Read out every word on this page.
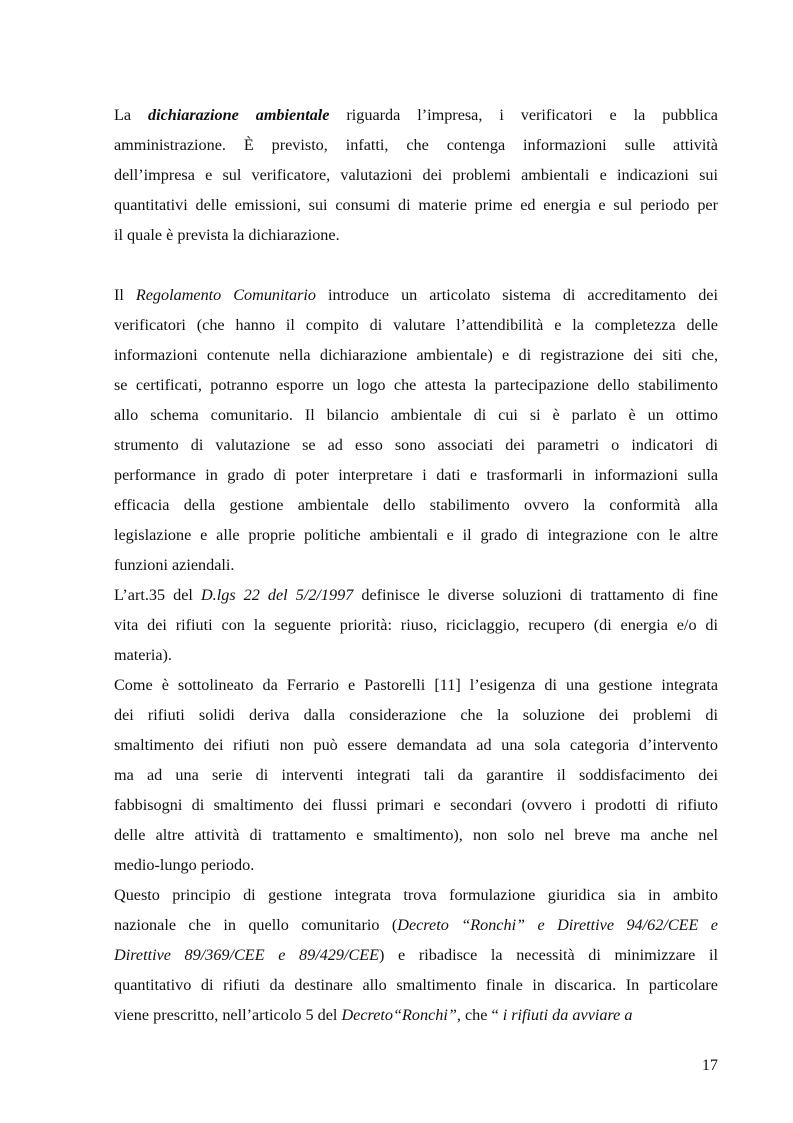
La dichiarazione ambientale riguarda l’impresa, i verificatori e la pubblica
amministrazione. È previsto, infatti, che contenga informazioni sulle attività
dell’impresa e sul verificatore, valutazioni dei problemi ambientali e indicazioni sui
quantitativi delle emissioni, sui consumi di materie prime ed energia e sul periodo per
il quale è prevista la dichiarazione.
Il Regolamento Comunitario introduce un articolato sistema di accreditamento dei
verificatori (che hanno il compito di valutare l’attendibilità e la completezza delle
informazioni contenute nella dichiarazione ambientale) e di registrazione dei siti che,
se certificati, potranno esporre un logo che attesta la partecipazione dello stabilimento
allo schema comunitario. Il bilancio ambientale di cui si è parlato è un ottimo
strumento di valutazione se ad esso sono associati dei parametri o indicatori di
performance in grado di poter interpretare i dati e trasformarli in informazioni sulla
efficacia della gestione ambientale dello stabilimento ovvero la conformità alla
legislazione e alle proprie politiche ambientali e il grado di integrazione con le altre
funzioni aziendali.
L’art.35 del D.lgs 22 del 5/2/1997 definisce le diverse soluzioni di trattamento di fine
vita dei rifiuti con la seguente priorità: riuso, riciclaggio, recupero (di energia e/o di
materia).
Come è sottolineato da Ferrario e Pastorelli [11] l’esigenza di una gestione integrata
dei rifiuti solidi deriva dalla considerazione che la soluzione dei problemi di
smaltimento dei rifiuti non può essere demandata ad una sola categoria d’intervento
ma ad una serie di interventi integrati tali da garantire il soddisfacimento dei
fabbisogni di smaltimento dei flussi primari e secondari (ovvero i prodotti di rifiuto
delle altre attività di trattamento e smaltimento), non solo nel breve ma anche nel
medio-lungo periodo.
Questo principio di gestione integrata trova formulazione giuridica sia in ambito
nazionale che in quello comunitario (Decreto “Ronchi” e Direttive 94/62/CEE e
Direttive 89/369/CEE e 89/429/CEE) e ribadisce la necessità di minimizzare il
quantitativo di rifiuti da destinare allo smaltimento finale in discarica. In particolare
viene prescritto, nell’articolo 5 del Decreto“Ronchi”, che “ i rifiuti da avviare a
17
